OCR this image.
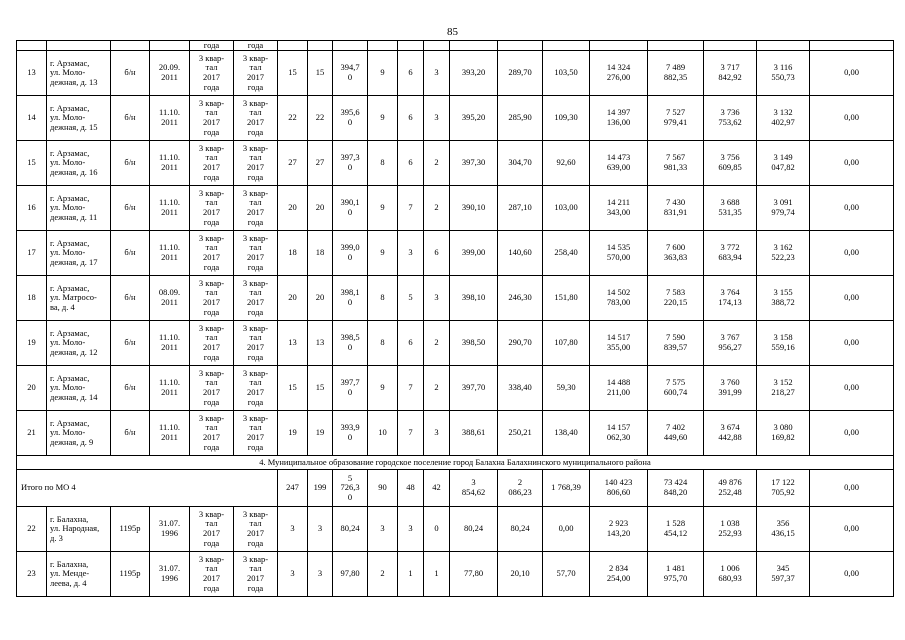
85
				года	года														
13	г. Арзамас,
ул. Моло-
дежная, д. 13	б/н	20.09.
2011	3 квар-
тал
2017
года	3 квар-
тал
2017
года	15	15	394,7
0	9	6	3	393,20	289,70	103,50	14 324
276,00	7 489
882,35	3 717
842,92	3 116
550,73	0,00
14	г. Арзамас,
ул. Моло-
дежная, д. 15	б/н	11.10.
2011	3 квар-
тал
2017
года	3 квар-
тал
2017
года	22	22	395,6
0	9	6	3	395,20	285,90	109,30	14 397
136,00	7 527
979,41	3 736
753,62	3 132
402,97	0,00
15	г. Арзамас,
ул. Моло-
дежная, д. 16	б/н	11.10.
2011	3 квар-
тал
2017
года	3 квар-
тал
2017
года	27	27	397,3
0	8	6	2	397,30	304,70	92,60	14 473
639,00	7 567
981,33	3 756
609,85	3 149
047,82	0,00
16	г. Арзамас,
ул. Моло-
дежная, д. 11	б/н	11.10.
2011	3 квар-
тал
2017
года	3 квар-
тал
2017
года	20	20	390,1
0	9	7	2	390,10	287,10	103,00	14 211
343,00	7 430
831,91	3 688
531,35	3 091
979,74	0,00
17	г. Арзамас,
ул. Моло-
дежная, д. 17	б/н	11.10.
2011	3 квар-
тал
2017
года	3 квар-
тал
2017
года	18	18	399,0
0	9	3	6	399,00	140,60	258,40	14 535
570,00	7 600
363,83	3 772
683,94	3 162
522,23	0,00
18	г. Арзамас,
ул. Матросо-
ва, д. 4	б/н	08.09.
2011	3 квар-
тал
2017
года	3 квар-
тал
2017
года	20	20	398,1
0	8	5	3	398,10	246,30	151,80	14 502
783,00	7 583
220,15	3 764
174,13	3 155
388,72	0,00
19	г. Арзамас,
ул. Моло-
дежная, д. 12	б/н	11.10.
2011	3 квар-
тал
2017
года	3 квар-
тал
2017
года	13	13	398,5
0	8	6	2	398,50	290,70	107,80	14 517
355,00	7 590
839,57	3 767
956,27	3 158
559,16	0,00
20	г. Арзамас,
ул. Моло-
дежная, д. 14	б/н	11.10.
2011	3 квар-
тал
2017
года	3 квар-
тал
2017
года	15	15	397,7
0	9	7	2	397,70	338,40	59,30	14 488
211,00	7 575
600,74	3 760
391,99	3 152
218,27	0,00
21	г. Арзамас,
ул. Моло-
дежная, д. 9	б/н	11.10.
2011	3 квар-
тал
2017
года	3 квар-
тал
2017
года	19	19	393,9
0	10	7	3	388,61	250,21	138,40	14 157
062,30	7 402
449,60	3 674
442,88	3 080
169,82	0,00
4. Муниципальное образование городское поселение город Балахна Балахнинского муниципального района																			
Итого по МО 4						247	199	5
726,3
0	90	48	42	3
854,62	2
086,23	1 768,39	140 423
806,60	73 424
848,20	49 876
252,48	17 122
705,92	0,00
22	г. Балахна,
ул. Народная,
д. 3	1195р	31.07.
1996	3 квар-
тал
2017
года	3 квар-
тал
2017
года	3	3	80,24	3	3	0	80,24	80,24	0,00	2 923
143,20	1 528
454,12	1 038
252,93	356
436,15	0,00
23	г. Балахна,
ул. Менде-
леева, д. 4	1195р	31.07.
1996	3 квар-
тал
2017
года	3 квар-
тал
2017
года	3	3	97,80	2	1	1	77,80	20,10	57,70	2 834
254,00	1 481
975,70	1 006
680,93	345
597,37	0,00
